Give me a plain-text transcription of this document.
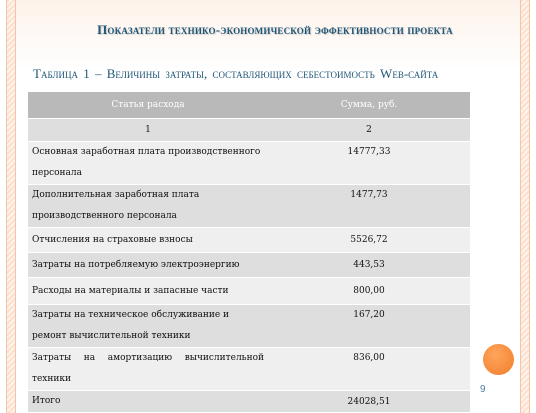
Показатели технико-экономической эффективности проекта
Таблица 1 – Величины затраты, составляющих себестоимость Web-сайта
Статья расхода	Сумма, руб.
1	2
Основная заработная плата производственного персонала	14777,33
Дополнительная заработная плата производственного персонала	1477,73
Отчисления на страховые взносы	5526,72
Затраты на потребляемую электроэнергию	443,53
Расходы на материалы и запасные части	800,00
Затраты на техническое обслуживание и ремонт вычислительной техники	167,20
Затраты на амортизацию вычислительной техники	836,00
Итого	24028,51
9
